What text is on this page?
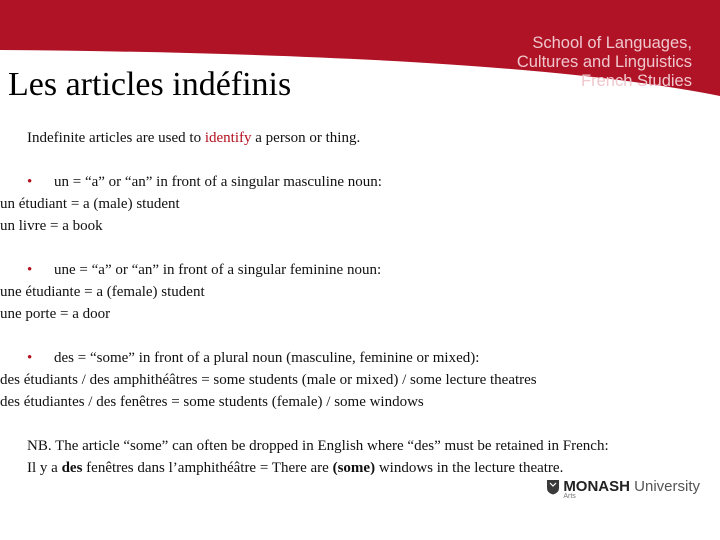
School of Languages,
Cultures and Linguistics
French Studies
Les articles indéfinis

Indefinite articles are used to identify a person or thing.

• un = “a” or “an” in front of a singular masculine noun:

un étudiant = a (male) student

un livre = a book

• une = “a” or “an” in front of a singular feminine noun:

une étudiante = a (female) student

une porte = a door

• des = “some” in front of a plural noun (masculine, feminine or mixed):

des étudiants / des amphithéâtres = some students (male or mixed) / some lecture theatres

des étudiantes / des fenêtres = some students (female) / some windows

NB. The article “some” can often be dropped in English where “des” must be retained in French:

Il y a des fenêtres dans l’amphithéâtre = There are (some) windows in the lecture theatre.

MONASH University
Arts
